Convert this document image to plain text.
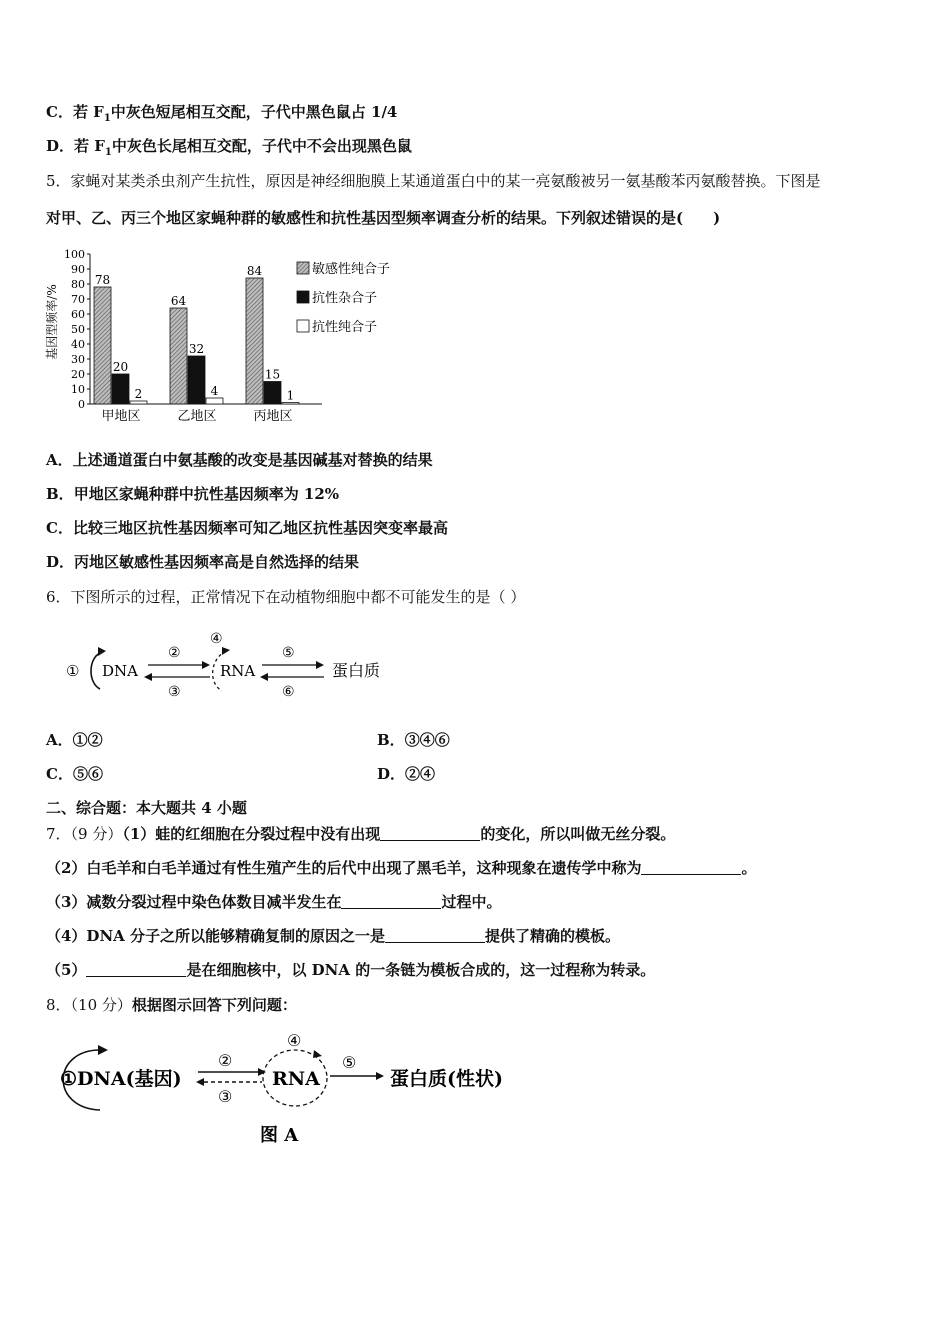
C．若 $F_1$中灰色短尾相互交配，子代中黑色鼠占 1/4
D．若 $F_1$中灰色长尾相互交配，子代中不会出现黑色鼠
5．家蝇对某类杀虫剂产生抗性，原因是神经细胞膜上某通道蛋白中的某一亮氨酸被另一氨基酸苯丙氨酸替换。下图是
对甲、乙、丙三个地区家蝇种群的敏感性和抗性基因型频率调查分析的结果。下列叙述错误的是(　　)
基因型频率/%
0
10
20
30
40
50
60
70
80
90
100
78
20
2
64
32
4
84
15
1
甲地区	乙地区	丙地区
敏感性纯合子
抗性杂合子
抗性纯合子
A．上述通道蛋白中氨基酸的改变是基因碱基对替换的结果
B．甲地区家蝇种群中抗性基因频率为 12%
C．比较三地区抗性基因频率可知乙地区抗性基因突变率最高
D．丙地区敏感性基因频率高是自然选择的结果
6．下图所示的过程，正常情况下在动植物细胞中都不可能发生的是（ ）
① DNA
②
③
④
RNA
⑤
⑥
蛋白质
A．①②	B．③④⑥
C．⑤⑥	D．②④
二、综合题：本大题共 4 小题
7．（9 分）（1）蛙的红细胞在分裂过程中没有出现	的变化，所以叫做无丝分裂。
（2）白毛羊和白毛羊通过有性生殖产生的后代中出现了黑毛羊，这种现象在遗传学中称为	。
（3）减数分裂过程中染色体数目减半发生在	过程中。
（4）DNA 分子之所以能够精确复制的原因之一是	提供了精确的模板。
（5）	是在细胞核中，以 DNA 的一条链为模板合成的，这一过程称为转录。
8．（10 分）根据图示回答下列问题：
①DNA(基因)
②
③
④
RNA
⑤
蛋白质(性状)
图 A
